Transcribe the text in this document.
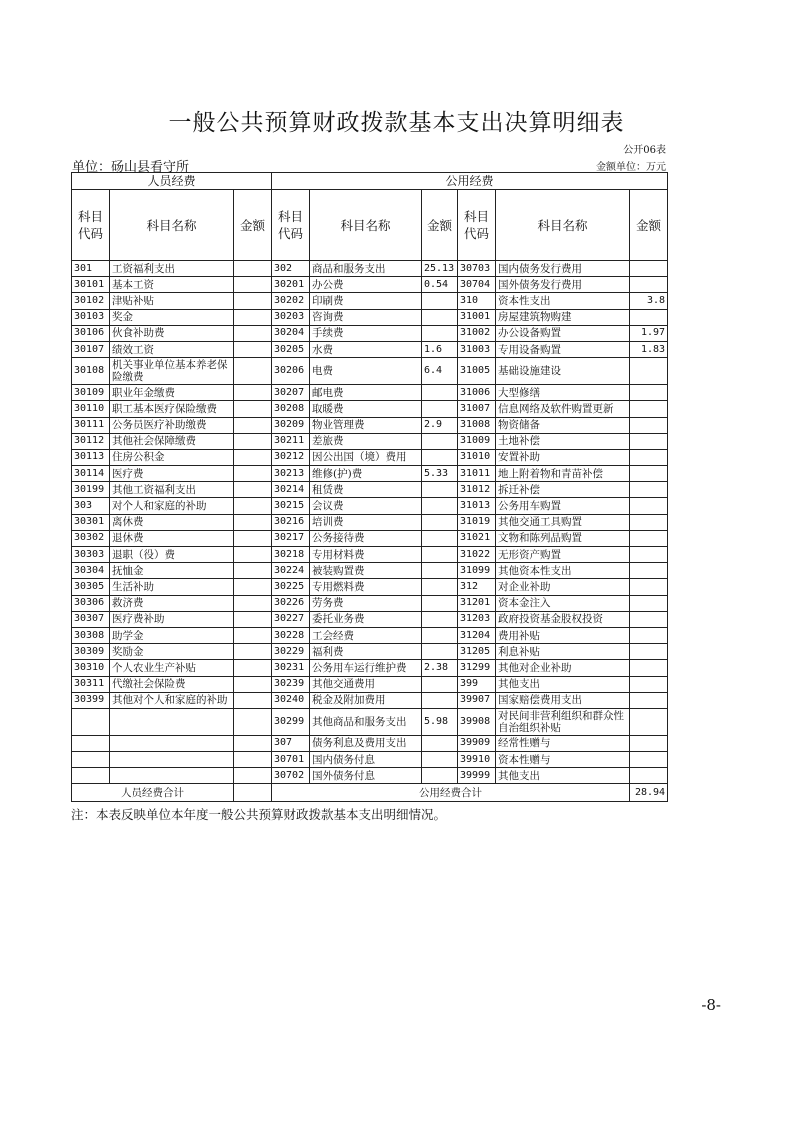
一般公共预算财政拨款基本支出决算明细表
公开06表
单位：砀山县看守所	金额单位：万元
人员经费			公用经费					
科目代码	科目名称	金额	科目代码	科目名称	金额	科目代码	科目名称	金额
301	工资福利支出		302	商品和服务支出	25.13	30703	国内债务发行费用	
30101	基本工资		30201	办公费	0.54	30704	国外债务发行费用	
30102	津贴补贴		30202	印刷费		310	资本性支出	3.8
30103	奖金		30203	咨询费		31001	房屋建筑物购建	
30106	伙食补助费		30204	手续费		31002	办公设备购置	1.97
30107	绩效工资		30205	水费	1.6	31003	专用设备购置	1.83
30108	机关事业单位基本养老保险缴费		30206	电费	6.4	31005	基础设施建设	
30109	职业年金缴费		30207	邮电费		31006	大型修缮	
30110	职工基本医疗保险缴费		30208	取暖费		31007	信息网络及软件购置更新	
30111	公务员医疗补助缴费		30209	物业管理费	2.9	31008	物资储备	
30112	其他社会保障缴费		30211	差旅费		31009	土地补偿	
30113	住房公积金		30212	因公出国（境）费用		31010	安置补助	
30114	医疗费		30213	维修(护)费	5.33	31011	地上附着物和青苗补偿	
30199	其他工资福利支出		30214	租赁费		31012	拆迁补偿	
303	对个人和家庭的补助		30215	会议费		31013	公务用车购置	
30301	离休费		30216	培训费		31019	其他交通工具购置	
30302	退休费		30217	公务接待费		31021	文物和陈列品购置	
30303	退职（役）费		30218	专用材料费		31022	无形资产购置	
30304	抚恤金		30224	被装购置费		31099	其他资本性支出	
30305	生活补助		30225	专用燃料费		312	对企业补助	
30306	救济费		30226	劳务费		31201	资本金注入	
30307	医疗费补助		30227	委托业务费		31203	政府投资基金股权投资	
30308	助学金		30228	工会经费		31204	费用补贴	
30309	奖励金		30229	福利费		31205	利息补贴	
30310	个人农业生产补贴		30231	公务用车运行维护费	2.38	31299	其他对企业补助	
30311	代缴社会保险费		30239	其他交通费用		399	其他支出	
30399	其他对个人和家庭的补助		30240	税金及附加费用		39907	国家赔偿费用支出	
			30299	其他商品和服务支出	5.98	39908	对民间非营利组织和群众性自治组织补贴	
			307	债务利息及费用支出		39909	经常性赠与	
			30701	国内债务付息		39910	资本性赠与	
			30702	国外债务付息		39999	其他支出	
人员经费合计			公用经费合计					28.94
注：本表反映单位本年度一般公共预算财政拨款基本支出明细情况。
-8-
